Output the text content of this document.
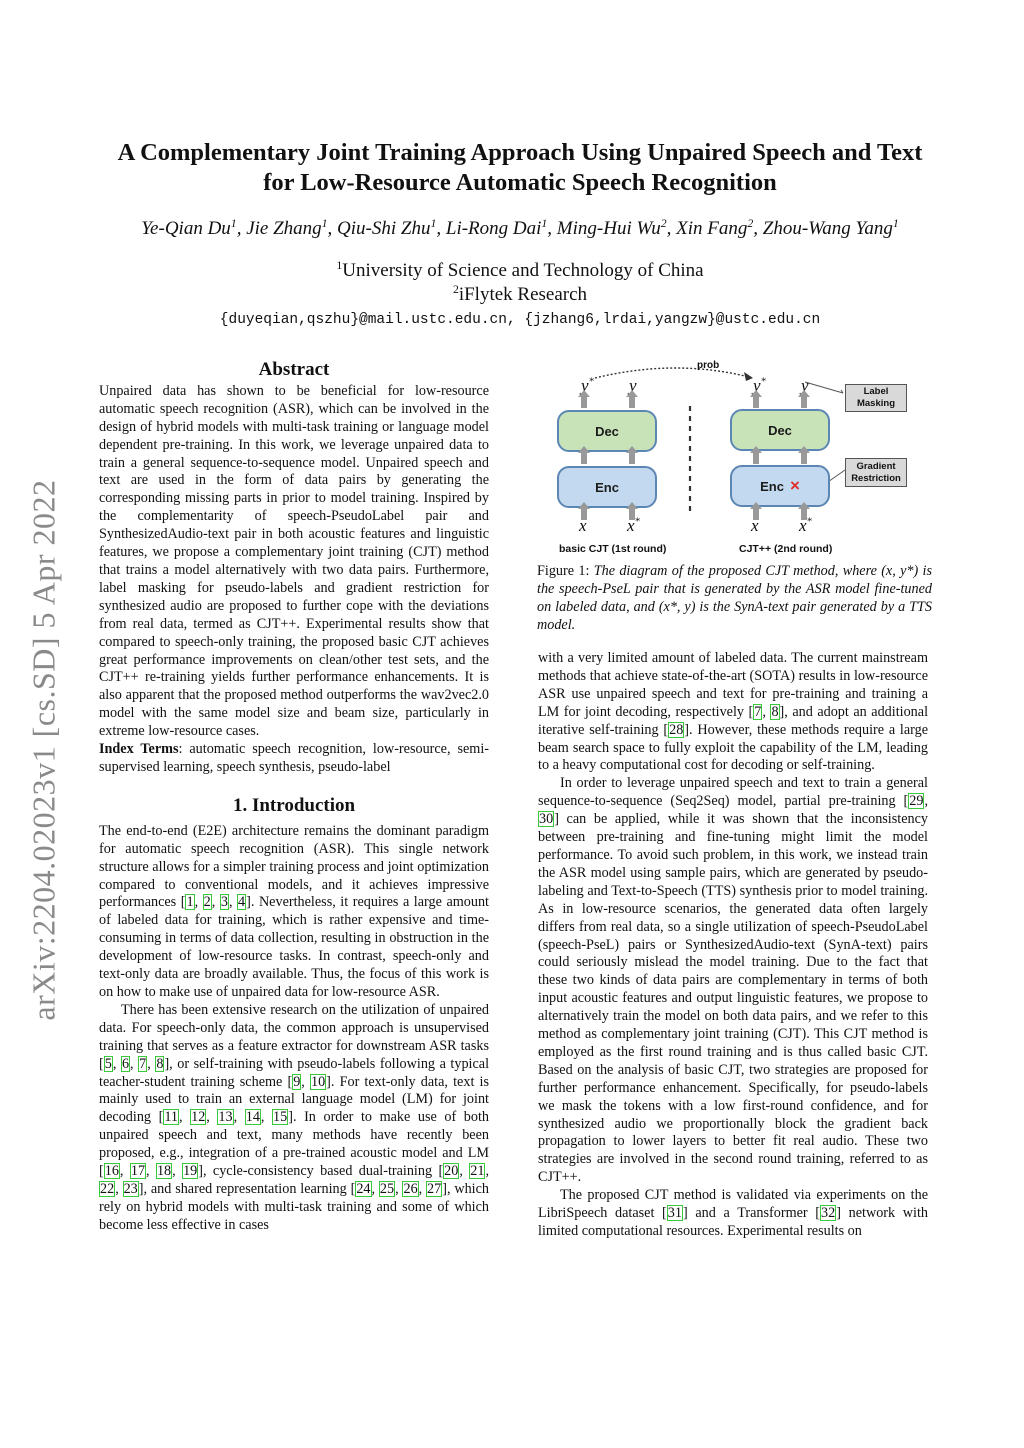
arXiv:2204.02023v1 [cs.SD] 5 Apr 2022
A Complementary Joint Training Approach Using Unpaired Speech and Text
for Low-Resource Automatic Speech Recognition
Ye-Qian Du$^1$, Jie Zhang$^1$, Qiu-Shi Zhu$^1$, Li-Rong Dai$^1$, Ming-Hui Wu$^2$, Xin Fang$^2$, Zhou-Wang Yang$^1$
$^1$University of Science and Technology of China
$^2$iFlytek Research
{duyeqian,qszhu}@mail.ustc.edu.cn, {jzhang6,lrdai,yangzw}@ustc.edu.cn
Abstract

Unpaired data has shown to be beneficial for low-resource automatic speech recognition (ASR), which can be involved in the design of hybrid models with multi-task training or language model dependent pre-training. In this work, we leverage unpaired data to train a general sequence-to-sequence model. Unpaired speech and text are used in the form of data pairs by generating the corresponding missing parts in prior to model training. Inspired by the complementarity of speech-PseudoLabel pair and SynthesizedAudio-text pair in both acoustic features and linguistic features, we propose a complementary joint training (CJT) method that trains a model alternatively with two data pairs. Furthermore, label masking for pseudo-labels and gradient restriction for synthesized audio are proposed to further cope with the deviations from real data, termed as CJT++. Experimental results show that compared to speech-only training, the proposed basic CJT achieves great performance improvements on clean/other test sets, and the CJT++ re-training yields further performance enhancements. It is also apparent that the proposed method outperforms the wav2vec2.0 model with the same model size and beam size, particularly in extreme low-resource cases.

Index Terms: automatic speech recognition, low-resource, semi-supervised learning, speech synthesis, pseudo-label

1. Introduction

The end-to-end (E2E) architecture remains the dominant paradigm for automatic speech recognition (ASR). This single network structure allows for a simpler training process and joint optimization compared to conventional models, and it achieves impressive performances [1, 2, 3, 4]. Nevertheless, it requires a large amount of labeled data for training, which is rather expensive and time-consuming in terms of data collection, resulting in obstruction in the development of low-resource tasks. In contrast, speech-only and text-only data are broadly available. Thus, the focus of this work is on how to make use of unpaired data for low-resource ASR.

There has been extensive research on the utilization of unpaired data. For speech-only data, the common approach is unsupervised training that serves as a feature extractor for downstream ASR tasks [5, 6, 7, 8], or self-training with pseudo-labels following a typical teacher-student training scheme [9, 10]. For text-only data, text is mainly used to train an external language model (LM) for joint decoding [11, 12, 13, 14, 15]. In order to make use of both unpaired speech and text, many methods have recently been proposed, e.g., integration of a pre-trained acoustic model and LM [16, 17, 18, 19], cycle-consistency based dual-training [20, 21, 22, 23], and shared representation learning [24, 25, 26, 27], which rely on hybrid models with multi-task training and some of which become less effective in cases

prob
y* y
Dec
Enc
x x*
basic CJT (1st round)
y* y
Dec
Enc ×
x x*
CJT++ (2nd round)
Label Masking
Gradient Restriction
Figure 1: The diagram of the proposed CJT method, where (x, y*) is the speech-PseL pair that is generated by the ASR model fine-tuned on labeled data, and (x*, y) is the SynA-text pair generated by a TTS model.

with a very limited amount of labeled data. The current mainstream methods that achieve state-of-the-art (SOTA) results in low-resource ASR use unpaired speech and text for pre-training and training a LM for joint decoding, respectively [7, 8], and adopt an additional iterative self-training [28]. However, these methods require a large beam search space to fully exploit the capability of the LM, leading to a heavy computational cost for decoding or self-training.

In order to leverage unpaired speech and text to train a general sequence-to-sequence (Seq2Seq) model, partial pre-training [29, 30] can be applied, while it was shown that the inconsistency between pre-training and fine-tuning might limit the model performance. To avoid such problem, in this work, we instead train the ASR model using sample pairs, which are generated by pseudo-labeling and Text-to-Speech (TTS) synthesis prior to model training. As in low-resource scenarios, the generated data often largely differs from real data, so a single utilization of speech-PseudoLabel (speech-PseL) pairs or SynthesizedAudio-text (SynA-text) pairs could seriously mislead the model training. Due to the fact that these two kinds of data pairs are complementary in terms of both input acoustic features and output linguistic features, we propose to alternatively train the model on both data pairs, and we refer to this method as complementary joint training (CJT). This CJT method is employed as the first round training and is thus called basic CJT. Based on the analysis of basic CJT, two strategies are proposed for further performance enhancement. Specifically, for pseudo-labels we mask the tokens with a low first-round confidence, and for synthesized audio we proportionally block the gradient back propagation to lower layers to better fit real audio. These two strategies are involved in the second round training, referred to as CJT++.

The proposed CJT method is validated via experiments on the LibriSpeech dataset [31] and a Transformer [32] network with limited computational resources. Experimental results on
